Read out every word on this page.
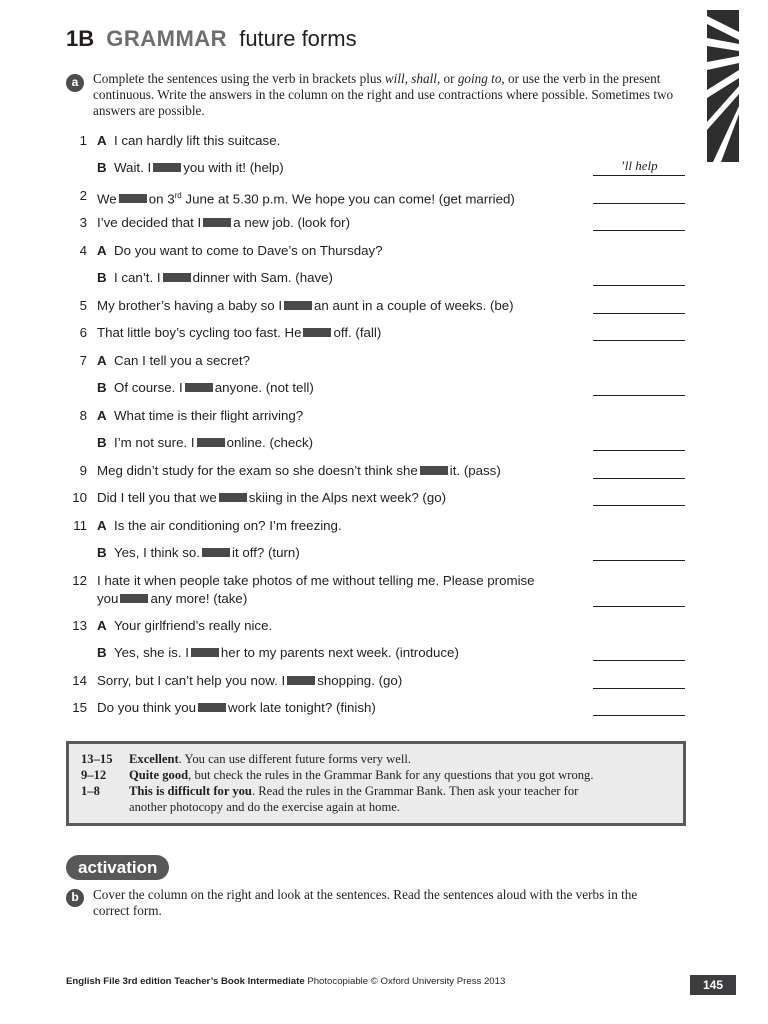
1B GRAMMAR future forms
a	Complete the sentences using the verb in brackets plus will, shall, or going to, or use the verb in the present continuous. Write the answers in the column on the right and use contractions where possible. Sometimes two answers are possible.
1 A I can hardly lift this suitcase.
B Wait. I you with it! (help)	’ll help
2 We on 3rd June at 5.30 p.m. We hope you can come! (get married)
3 I’ve decided that I a new job. (look for)
4 A Do you want to come to Dave’s on Thursday?
B I can’t. I dinner with Sam. (have)
5 My brother’s having a baby so I an aunt in a couple of weeks. (be)
6 That little boy’s cycling too fast. He off. (fall)
7 A Can I tell you a secret?
B Of course. I anyone. (not tell)
8 A What time is their flight arriving?
B I’m not sure. I online. (check)
9 Meg didn’t study for the exam so she doesn’t think she it. (pass)
10 Did I tell you that we skiing in the Alps next week? (go)
11 A Is the air conditioning on? I’m freezing.
B Yes, I think so. it off? (turn)
12 I hate it when people take photos of me without telling me. Please promise
you any more! (take)
13 A Your girlfriend’s really nice.
B Yes, she is. I her to my parents next week. (introduce)
14 Sorry, but I can’t help you now. I shopping. (go)
15 Do you think you work late tonight? (finish)
13–15 Excellent. You can use different future forms very well.
9–12 Quite good, but check the rules in the Grammar Bank for any questions that you got wrong.
1–8 This is difficult for you. Read the rules in the Grammar Bank. Then ask your teacher for
another photocopy and do the exercise again at home.
activation
b	Cover the column on the right and look at the sentences. Read the sentences aloud with the verbs in the correct form.
English File 3rd edition Teacher’s Book Intermediate Photocopiable © Oxford University Press 2013	145
